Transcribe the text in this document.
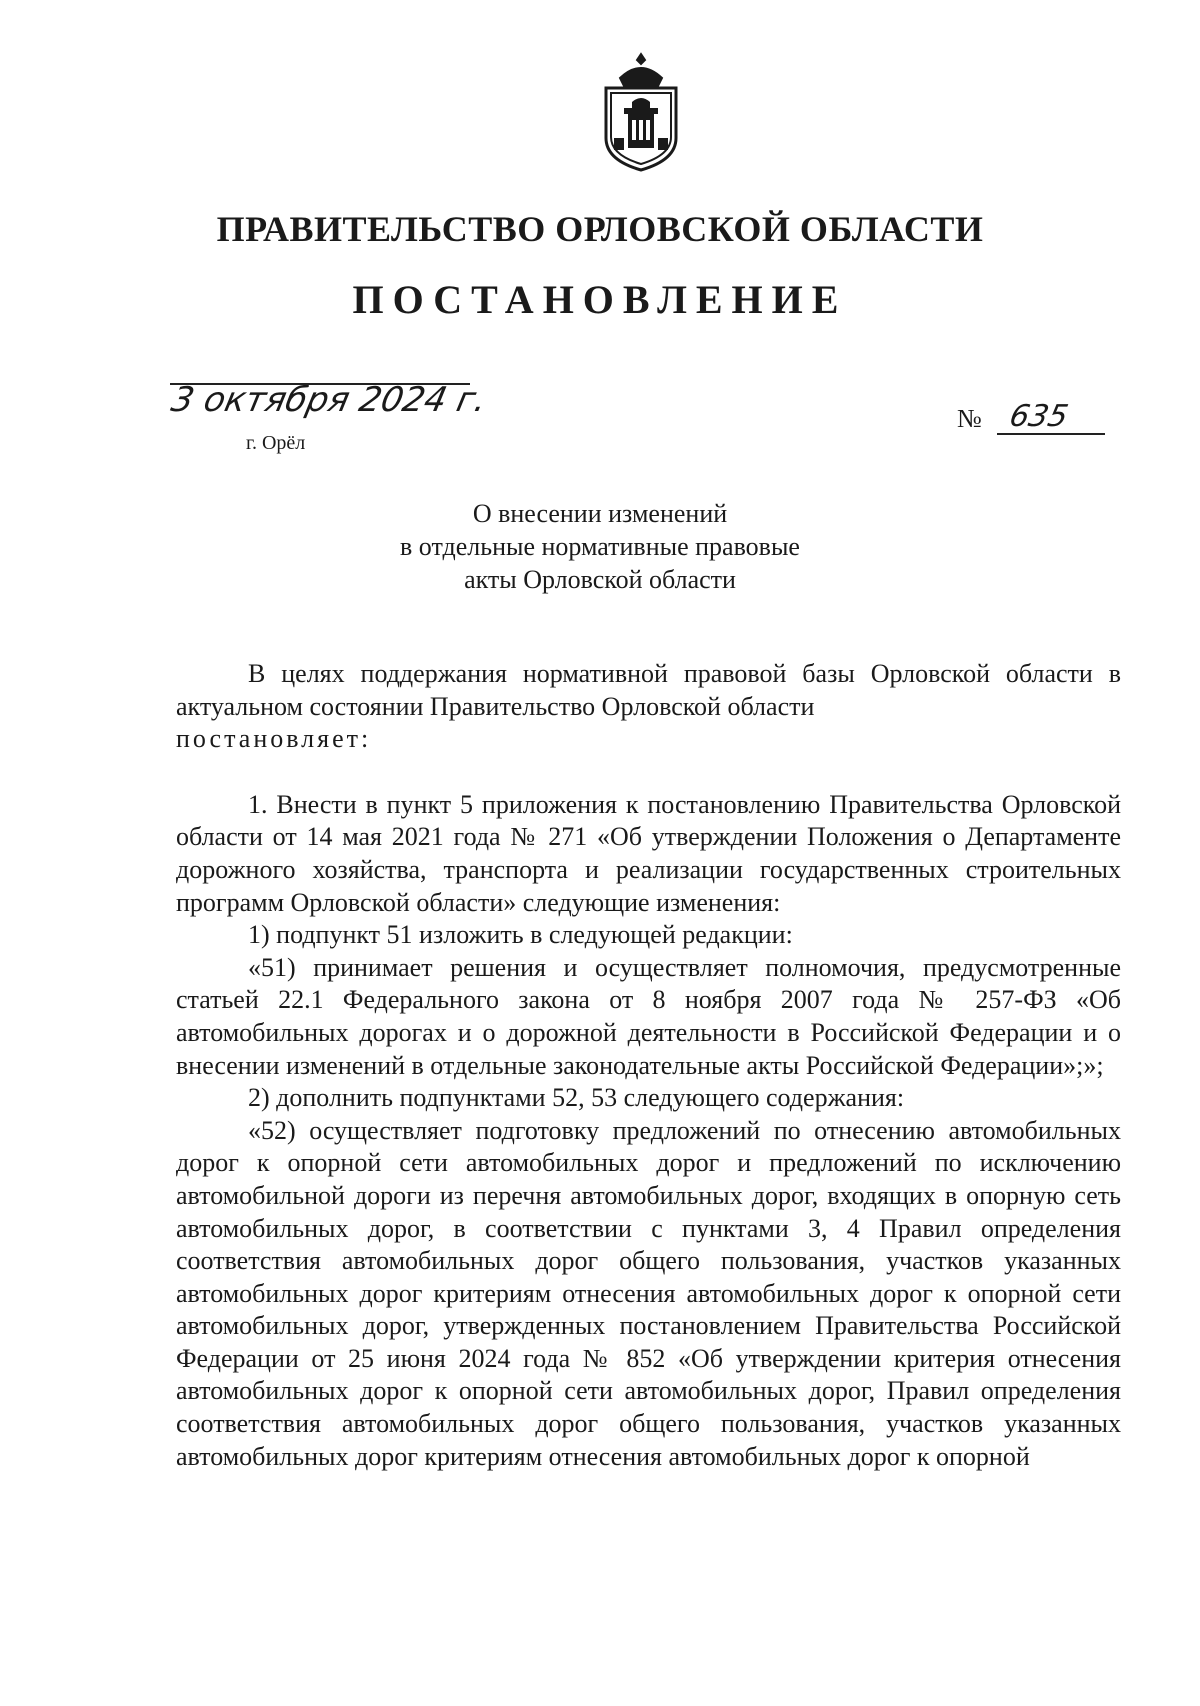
ПРАВИТЕЛЬСТВО ОРЛОВСКОЙ ОБЛАСТИ
ПОСТАНОВЛЕНИЕ
3 октября 2024 г.
г. Орёл
№ 635
О внесении изменений
в отдельные нормативные правовые
акты Орловской области

В целях поддержания нормативной правовой базы Орловской области в актуальном состоянии Правительство Орловской области

постановляет:

1. Внести в пункт 5 приложения к постановлению Правительства Орловской области от 14 мая 2021 года № 271 «Об утверждении Положения о Департаменте дорожного хозяйства, транспорта и реализации государственных строительных программ Орловской области» следующие изменения:

1) подпункт 51 изложить в следующей редакции:

«51) принимает решения и осуществляет полномочия, предусмотренные статьей 22.1 Федерального закона от 8 ноября 2007 года № 257-ФЗ «Об автомобильных дорогах и о дорожной деятельности в Российской Федерации и о внесении изменений в отдельные законодательные акты Российской Федерации»;»;

2) дополнить подпунктами 52, 53 следующего содержания:

«52) осуществляет подготовку предложений по отнесению автомобильных дорог к опорной сети автомобильных дорог и предложений по исключению автомобильной дороги из перечня автомобильных дорог, входящих в опорную сеть автомобильных дорог, в соответствии с пунктами 3, 4 Правил определения соответствия автомобильных дорог общего пользования, участков указанных автомобильных дорог критериям отнесения автомобильных дорог к опорной сети автомобильных дорог, утвержденных постановлением Правительства Российской Федерации от 25 июня 2024 года № 852 «Об утверждении критерия отнесения автомобильных дорог к опорной сети автомобильных дорог, Правил определения соответствия автомобильных дорог общего пользования, участков указанных автомобильных дорог критериям отнесения автомобильных дорог к опорной
